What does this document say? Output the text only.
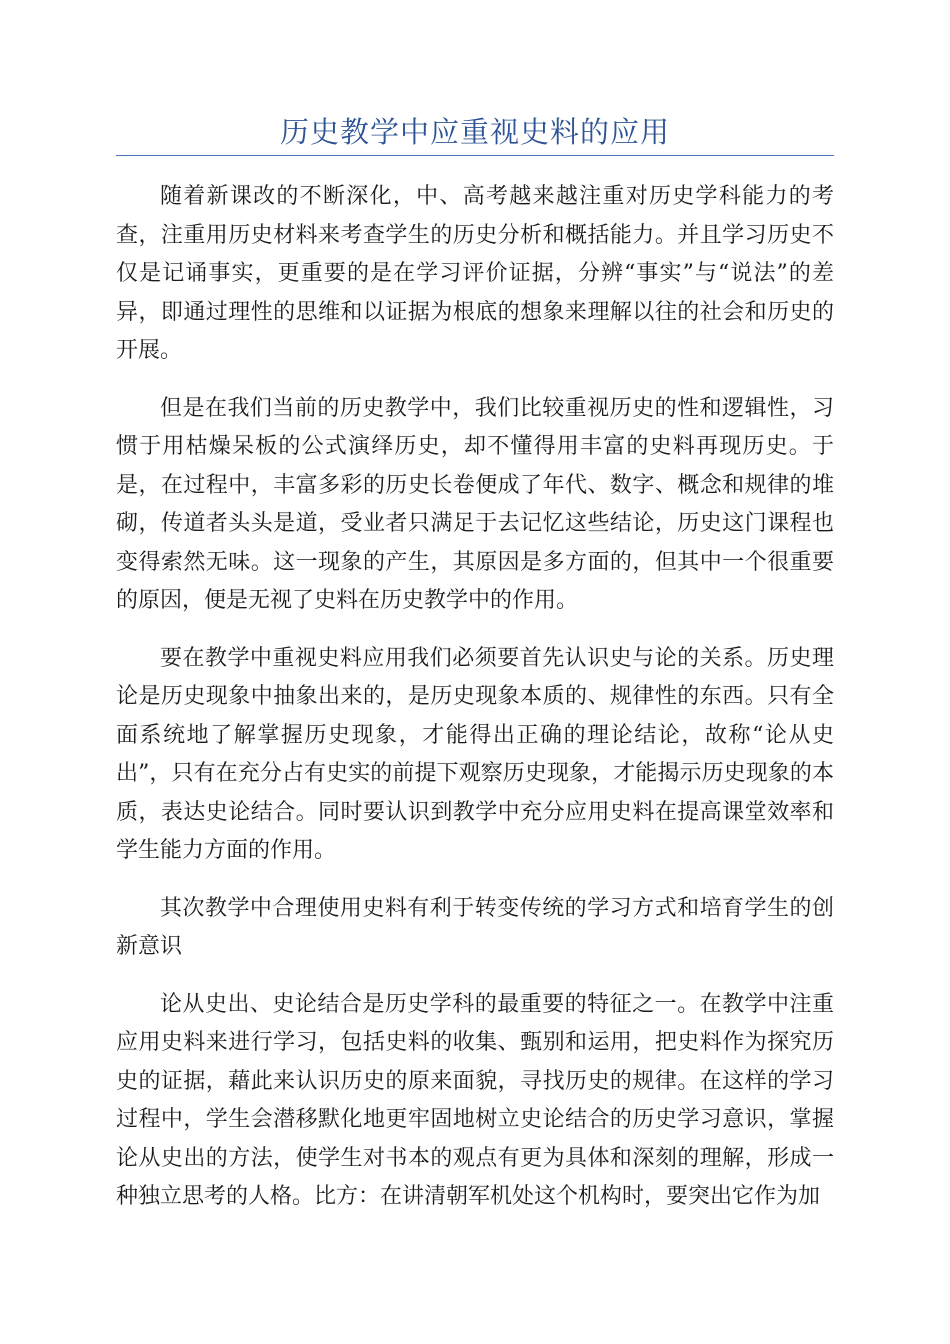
历史教学中应重视史料的应用

随着新课改的不断深化，中、高考越来越注重对历史学科能力的考查，注重用历史材料来考查学生的历史分析和概括能力。并且学习历史不仅是记诵事实，更重要的是在学习评价证据，分辨“事实”与“说法”的差异，即通过理性的思维和以证据为根底的想象来理解以往的社会和历史的开展。

但是在我们当前的历史教学中，我们比较重视历史的性和逻辑性，习惯于用枯燥呆板的公式演绎历史，却不懂得用丰富的史料再现历史。于是，在过程中，丰富多彩的历史长卷便成了年代、数字、概念和规律的堆砌，传道者头头是道，受业者只满足于去记忆这些结论，历史这门课程也变得索然无味。这一现象的产生，其原因是多方面的，但其中一个很重要的原因，便是无视了史料在历史教学中的作用。

要在教学中重视史料应用我们必须要首先认识史与论的关系。历史理论是历史现象中抽象出来的，是历史现象本质的、规律性的东西。只有全面系统地了解掌握历史现象，才能得出正确的理论结论，故称“论从史出”，只有在充分占有史实的前提下观察历史现象，才能揭示历史现象的本质，表达史论结合。同时要认识到教学中充分应用史料在提高课堂效率和学生能力方面的作用。

其次教学中合理使用史料有利于转变传统的学习方式和培育学生的创新意识

论从史出、史论结合是历史学科的最重要的特征之一。在教学中注重应用史料来进行学习，包括史料的收集、甄别和运用，把史料作为探究历史的证据，藉此来认识历史的原来面貌，寻找历史的规律。在这样的学习过程中，学生会潜移默化地更牢固地树立史论结合的历史学习意识，掌握论从史出的方法，使学生对书本的观点有更为具体和深刻的理解，形成一种独立思考的人格。比方：在讲清朝军机处这个机构时，要突出它作为加
